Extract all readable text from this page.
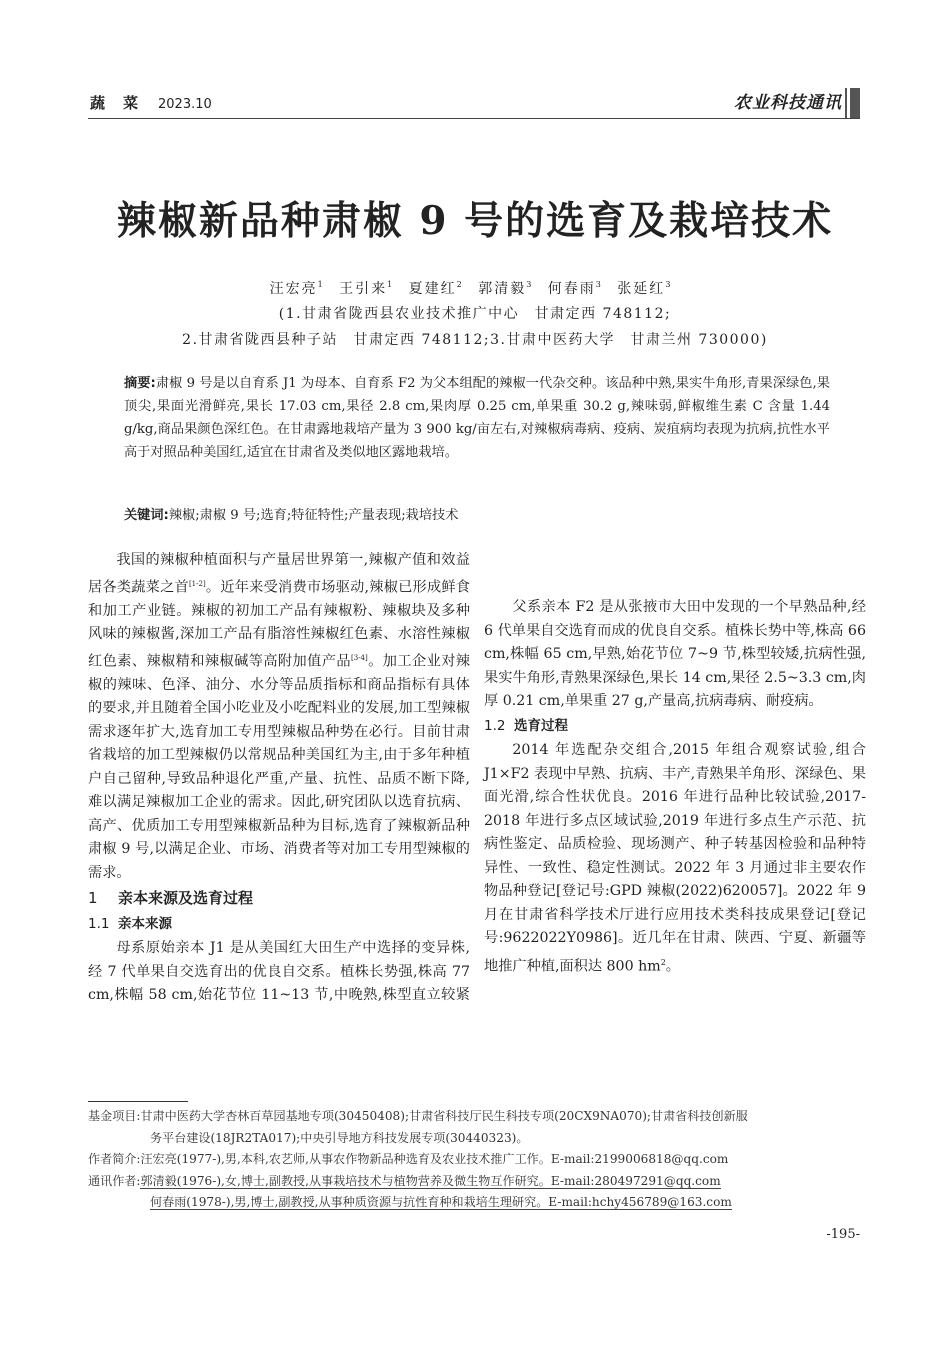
蔬菜 2023.10	农业科技通讯
辣椒新品种肃椒 9 号的选育及栽培技术
汪宏亮$^1$ 王引来$^1$ 夏建红$^2$ 郭清毅$^3$ 何春雨$^3$ 张延红$^3$
(1.甘肃省陇西县农业技术推广中心　甘肃定西 748112;
2.甘肃省陇西县种子站　甘肃定西 748112;3.甘肃中医药大学　甘肃兰州 730000)
摘要:肃椒 9 号是以自育系 J1 为母本、自育系 F2 为父本组配的辣椒一代杂交种。该品种中熟,果实牛角形,青果深绿色,果顶尖,果面光滑鲜亮,果长 17.03 cm,果径 2.8 cm,果肉厚 0.25 cm,单果重 30.2 g,辣味弱,鲜椒维生素 C 含量 1.44 g/kg,商品果颜色深红色。在甘肃露地栽培产量为 3 900 kg/亩左右,对辣椒病毒病、疫病、炭疽病均表现为抗病,抗性水平高于对照品种美国红,适宜在甘肃省及类似地区露地栽培。
关键词:辣椒;肃椒 9 号;选育;特征特性;产量表现;栽培技术

我国的辣椒种植面积与产量居世界第一,辣椒产值和效益居各类蔬菜之首[1-2]。近年来受消费市场驱动,辣椒已形成鲜食和加工产业链。辣椒的初加工产品有辣椒粉、辣椒块及多种风味的辣椒酱,深加工产品有脂溶性辣椒红色素、水溶性辣椒红色素、辣椒精和辣椒碱等高附加值产品[3-4]。加工企业对辣椒的辣味、色泽、油分、水分等品质指标和商品指标有具体的要求,并且随着全国小吃业及小吃配料业的发展,加工型辣椒需求逐年扩大,选育加工专用型辣椒品种势在必行。目前甘肃省栽培的加工型辣椒仍以常规品种美国红为主,由于多年种植户自己留种,导致品种退化严重,产量、抗性、品质不断下降,难以满足辣椒加工企业的需求。因此,研究团队以选育抗病、高产、优质加工专用型辣椒新品种为目标,选育了辣椒新品种肃椒 9 号,以满足企业、市场、消费者等对加工专用型辣椒的需求。

1 亲本来源及选育过程
1.1 亲本来源

母系原始亲本 J1 是从美国红大田生产中选择的变异株,经 7 代单果自交选育出的优良自交系。植株长势强,株高 77 cm,株幅 58 cm,始花节位 11~13 节,中晚熟,株型直立较紧

父系亲本 F2 是从张掖市大田中发现的一个早熟品种,经 6 代单果自交选育而成的优良自交系。植株长势中等,株高 66 cm,株幅 65 cm,早熟,始花节位 7~9 节,株型较矮,抗病性强,果实牛角形,青熟果深绿色,果长 14 cm,果径 2.5~3.3 cm,肉厚 0.21 cm,单果重 27 g,产量高,抗病毒病、耐疫病。

1.2 选育过程

2014 年选配杂交组合,2015 年组合观察试验,组合 J1×F2 表现中早熟、抗病、丰产,青熟果羊角形、深绿色、果面光滑,综合性状优良。2016 年进行品种比较试验,2017-2018 年进行多点区域试验,2019 年进行多点生产示范、抗病性鉴定、品质检验、现场测产、种子转基因检验和品种特异性、一致性、稳定性测试。2022 年 3 月通过非主要农作物品种登记[登记号:GPD 辣椒(2022)620057]。2022 年 9 月在甘肃省科学技术厅进行应用技术类科技成果登记[登记号:9622022Y0986]。近几年在甘肃、陕西、宁夏、新疆等地推广种植,面积达 800 $hm^2$。

基金项目:甘肃中医药大学杏林百草园基地专项(30450408);甘肃省科技厅民生科技专项(20CX9NA070);甘肃省科技创新服
务平台建设(18JR2TA017);中央引导地方科技发展专项(30440323)。
作者简介:汪宏亮(1977-),男,本科,农艺师,从事农作物新品种选育及农业技术推广工作。E-mail:2199006818@qq.com
通讯作者:郭清毅(1976-),女,博士,副教授,从事栽培技术与植物营养及微生物互作研究。E-mail:280497291@qq.com
何春雨(1978-),男,博士,副教授,从事种质资源与抗性育种和栽培生理研究。E-mail:hchy456789@163.com
-195-
